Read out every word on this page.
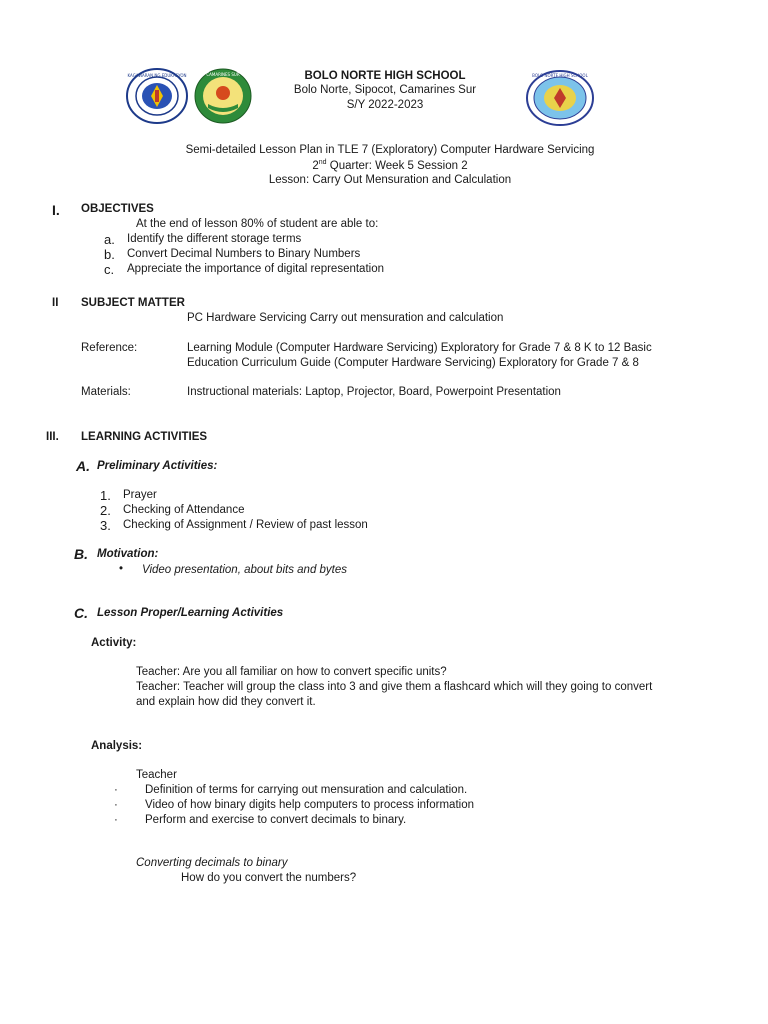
KAGAWARAN NG EDUKASYON	CAMARINES SUR	BOLO NORTE HIGH SCHOOL
BOLO NORTE HIGH SCHOOL
Bolo Norte, Sipocot, Camarines Sur
S/Y 2022-2023
Semi-detailed Lesson Plan in TLE 7 (Exploratory) Computer Hardware Servicing
2nd Quarter: Week 5 Session 2
Lesson: Carry Out Mensuration and Calculation
I. OBJECTIVES
At the end of lesson 80% of student are able to:
a. Identify the different storage terms
b. Convert Decimal Numbers to Binary Numbers
c. Appreciate the importance of digital representation
II SUBJECT MATTER
PC Hardware Servicing Carry out mensuration and calculation
Reference:	Learning Module (Computer Hardware Servicing) Exploratory for Grade 7 & 8 K to 12 Basic
Education Curriculum Guide (Computer Hardware Servicing) Exploratory for Grade 7 & 8
Materials:	Instructional materials: Laptop, Projector, Board, Powerpoint Presentation
III. LEARNING ACTIVITIES
A. Preliminary Activities:
1. Prayer
2. Checking of Attendance
3. Checking of Assignment / Review of past lesson
B. Motivation:
• Video presentation, about bits and bytes
C. Lesson Proper/Learning Activities
Activity:
Teacher: Are you all familiar on how to convert specific units?
Teacher: Teacher will group the class into 3 and give them a flashcard which will they going to convert
and explain how did they convert it.
Analysis:
Teacher
· Definition of terms for carrying out mensuration and calculation.
· Video of how binary digits help computers to process information
· Perform and exercise to convert decimals to binary.
Converting decimals to binary
How do you convert the numbers?
